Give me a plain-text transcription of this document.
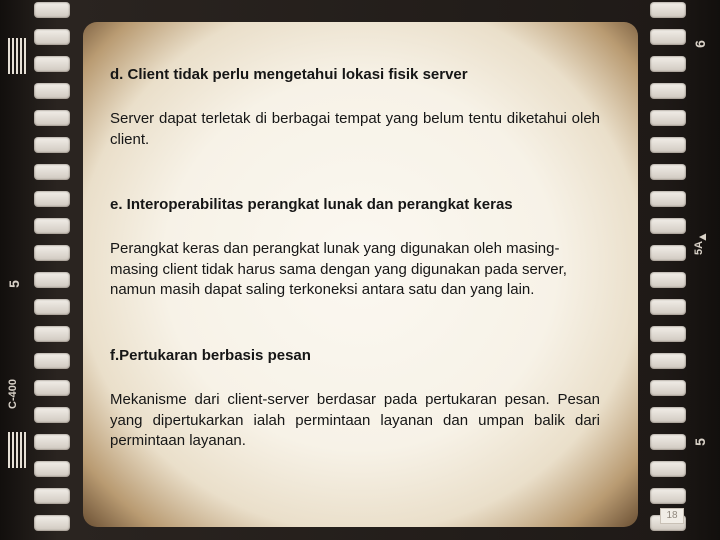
5
C-400
6
5A
▲
5
d. Client tidak perlu mengetahui lokasi fisik server
Server dapat terletak di berbagai tempat yang belum tentu diketahui oleh client.
e. Interoperabilitas perangkat lunak dan perangkat keras
Perangkat keras dan perangkat lunak yang digunakan oleh masing-masing client tidak harus sama dengan yang digunakan pada server, namun masih dapat saling terkoneksi antara satu dan yang lain.
f.Pertukaran berbasis pesan
Mekanisme dari client-server berdasar pada pertukaran pesan. Pesan yang dipertukarkan ialah permintaan layanan dan umpan balik dari permintaan layanan.
18
